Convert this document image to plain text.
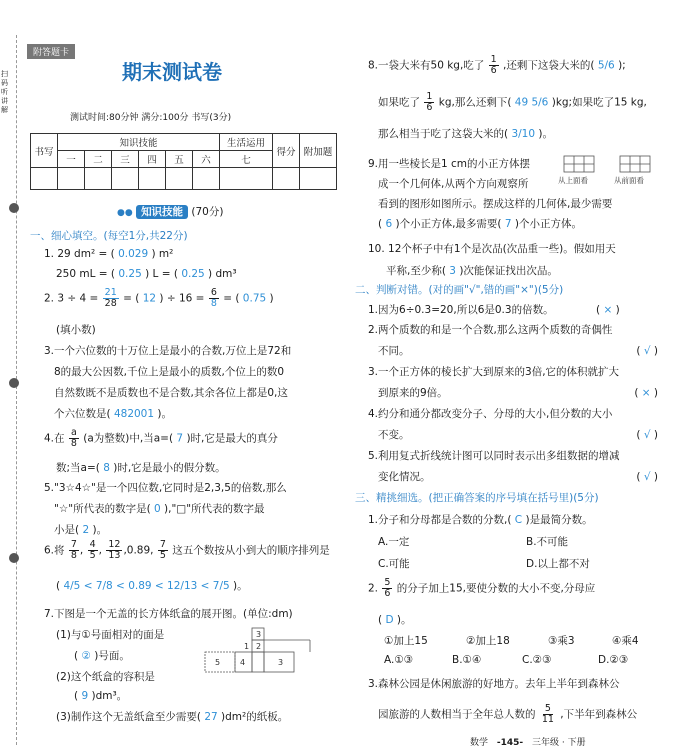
扫码听讲解
附答题卡
期末测试卷
测试时间:80分钟 满分:100分 书写(3分)
书写	知识技能						生活运用	得分	附加题
	一	二	三	四	五	六	七		

●● 知识技能 (70分)
一、细心填空。(每空1分,共22分)
1. 29 dm² = ( 0.029 ) m²
250 mL = ( 0.25 ) L = ( 0.25 ) dm³
2. $3 \div 4 = \frac{21}{28}$ = ( 12 ) ÷ $16 = \frac{6}{8}$ = ( 0.75 )
(填小数)
3.一个六位数的十万位上是最小的合数,万位上是72和
8的最大公因数,千位上是最小的质数,个位上的数0
自然数既不是质数也不是合数,其余各位上都是0,这
个六位数是( 482001 )。
4.在 $\frac{a}{8} (a$为整数)中,当a=( 7 )时,它是最大的真分
数;当a=( 8 )时,它是最小的假分数。
5."3☆4☆"是一个四位数,它同时是2,3,5的倍数,那么
"☆"所代表的数字是( 0 ),"□"所代表的数字最
小是( 2 )。
6.将 $\frac{7}{8}$ , $\frac{4}{5}$ , $\frac{12}{13} ,0.89$, $\frac{7}{5}$ 这五个数按从小到大的顺序排列是
( 4/5 < 7/8 < 0.89 < 12/13 < 7/5 )。
7.下图是一个无盖的长方体纸盒的展开图。(单位:dm)
(1)与①号面相对的面是
( ② )号面。
(2)这个纸盒的容积是
( 9 )dm³。
(3)制作这个无盖纸盒至少需要( 27 )dm²的纸板。
1
3
2
5 4	3
8.一袋大米有50 kg,吃了 $\frac{1}{6}$ ,还剩下这袋大米的( 5/6 );
如果吃了 $\frac{1}{6}$ kg,那么还剩下( 49 5/6 )kg;如果吃了15 kg,
那么相当于吃了这袋大米的( 3/10 )。
9.用一些棱长是1 cm的小正方体摆
成一个几何体,从两个方向观察所
看到的图形如图所示。摆成这样的几何体,最少需要
( 6 )个小正方体,最多需要( 7 )个小正方体。
从上面看	从前面看
10. 12个杯子中有1个是次品(次品重一些)。假如用天
平称,至少称( 3 )次能保证找出次品。
二、判断对错。(对的画"√",错的画"×")(5分)
1.因为6÷0.3=20,所以6是0.3的倍数。	( × )
2.两个质数的和是一个合数,那么这两个质数的奇偶性
不同。	( √ )
3.一个正方体的棱长扩大到原来的3倍,它的体积就扩大
到原来的9倍。	( × )
4.约分和通分都改变分子、分母的大小,但分数的大小
不变。	( √ )
5.利用复式折线统计图可以同时表示出多组数据的增减
变化情况。	( √ )
三、精挑细选。(把正确答案的序号填在括号里)(5分)
1.分子和分母都是合数的分数,( C )是最简分数。
A.一定	B.不可能
C.可能	D.以上都不对
2. $\frac{5}{6}$ 的分子加上15,要使分数的大小不变,分母应
( D )。
①加上15	②加上18	③乘3	④乘4
A.①③	B.①④	C.②③	D.②③
3.森林公园是休闲旅游的好地方。去年上半年到森林公
园旅游的人数相当于全年总人数的 $\frac{5}{11}$ ,下半年到森林公
数学 -145- 三年级 · 下册
